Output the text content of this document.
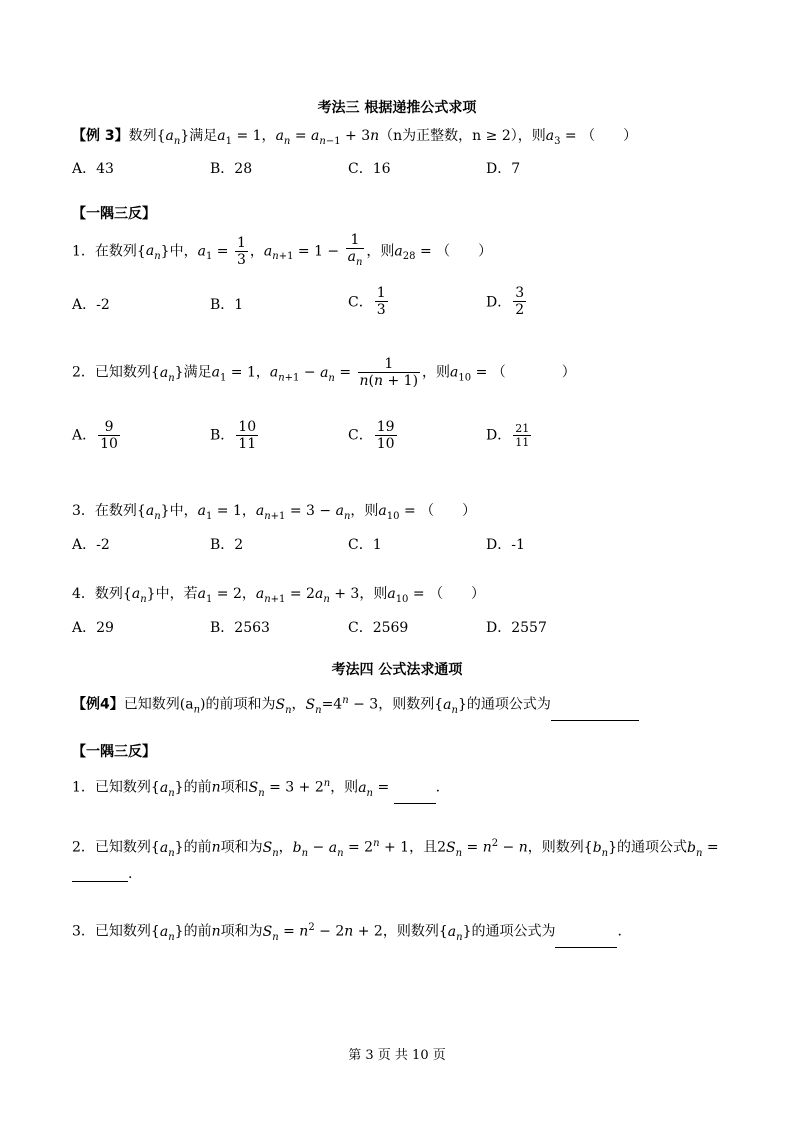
考法三 根据递推公式求项
【例 3】数列$\{a_n\}$满足$a_1 = 1$，$a_n = a_{n-1} + 3n(n$为正整数，n ≥ 2），则$a_3$ = （　　）
A．43	B．28	C．16	D．7
【一隅三反】
1．在数列$\{a_n\}$中，$a_1 = \frac{1}{3}$ ，$a_{n+1} = 1 - \frac{1}{a_n}$ ，则$a_{28}$ = （　　）
A．-2	B．1	C． $\frac{1}{3}$	D． $\frac{3}{2}$
2．已知数列$\{a_n\}$满足$a_1 = 1$，$a_{n+1} - a_n = \frac{1}{n(n + 1)}$ ，则$a_{10}$ = （　　　　）
A． $\frac{9}{10}$	B． $\frac{10}{11}$	C． $\frac{19}{10}$	D． $\frac{21}{11}$
3．在数列$\{a_n\}$中，$a_1 = 1$，$a_{n+1} = 3 - a_n$，则$a_{10}$ = （　　）
A．-2	B．2	C．1	D．-1
4．数列$\{a_n\}$中，若$a_1 = 2$，$a_{n+1} = 2a_n + 3$，则$a_{10}$ = （　　）
A．29	B．2563	C．2569	D．2557
考法四 公式法求通项
【例4】已知数列$(a_n)$的前项和为$S_n$，$S_n=4^n - 3$，则数列$\{a_n\}$的通项公式为
【一隅三反】
1．已知数列$\{a_n\}$的前n项和$S_n = 3 + 2^n$，则$a_n$ =	.
2．已知数列$\{a_n\}$的前n项和为$S_n$，$b_n - a_n = 2^n + 1$，且$2S_n = n^2 - n$，则数列$\{b_n\}$的通项公式$b_n$ =
.
3．已知数列$\{a_n\}$的前n项和为$S_n = n^2 - 2n + 2$，则数列$\{a_n\}$的通项公式为	.
第 3 页 共 10 页
